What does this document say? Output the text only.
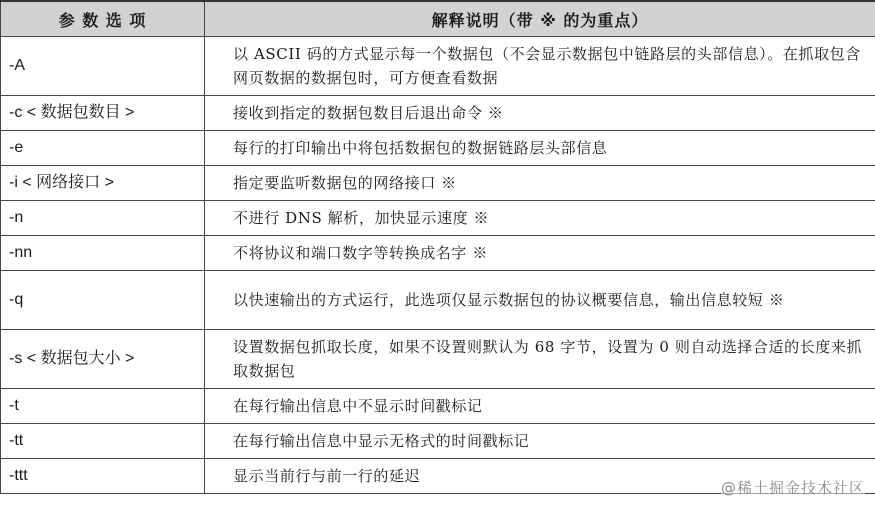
参 数 选 项	解释说明（带 ※ 的为重点）
-A	以 ASCII 码的方式显示每一个数据包（不会显示数据包中链路层的头部信息）。在抓取包含网页数据的数据包时，可方便查看数据
-c < 数据包数目 >	接收到指定的数据包数目后退出命令 ※
-e	每行的打印输出中将包括数据包的数据链路层头部信息
-i < 网络接口 >	指定要监听数据包的网络接口 ※
-n	不进行 DNS 解析，加快显示速度 ※
-nn	不将协议和端口数字等转换成名字 ※
-q	以快速输出的方式运行，此选项仅显示数据包的协议概要信息，输出信息较短 ※
-s < 数据包大小 >	设置数据包抓取长度，如果不设置则默认为 68 字节，设置为 0 则自动选择合适的长度来抓取数据包
-t	在每行输出信息中不显示时间戳标记
-tt	在每行输出信息中显示无格式的时间戳标记
-ttt	显示当前行与前一行的延迟
@稀土掘金技术社区
